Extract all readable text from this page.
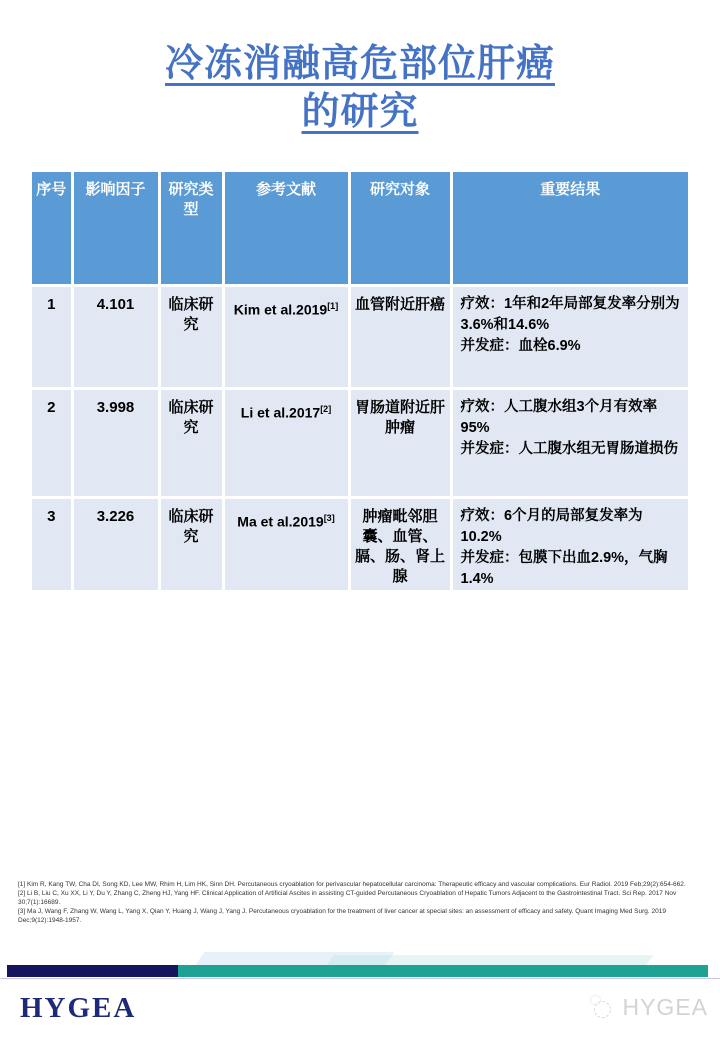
冷冻消融高危部位肝癌
的研究
序号	影响因子	研究类型	参考文献	研究对象	重要结果
1	4.101	临床研究	Kim et al.2019[1]	血管附近肝癌	疗效：1年和2年局部复发率分别为3.6%和14.6%
并发症：血栓6.9%

2	3.998	临床研究	Li et al.2017[2]	胃肠道附近肝肿瘤	疗效：人工腹水组3个月有效率95%
并发症：人工腹水组无胃肠道损伤

3	3.226	临床研究	Ma et al.2019[3]	肿瘤毗邻胆囊、血管、膈、肠、肾上腺	疗效：6个月的局部复发率为10.2%
并发症：包膜下出血2.9%，气胸1.4%
[1] Kim R, Kang TW, Cha DI, Song KD, Lee MW, Rhim H, Lim HK, Sinn DH. Percutaneous cryoablation for perivascular hepatocellular carcinoma: Therapeutic efficacy and vascular complications. Eur Radiol. 2019 Feb;29(2):654-662.
[2] Li B, Liu C, Xu XX, Li Y, Du Y, Zhang C, Zheng HJ, Yang HF. Clinical Application of Artificial Ascites in assisting CT-guided Percutaneous Cryoablation of Hepatic Tumors Adjacent to the Gastrointestinal Tract. Sci Rep. 2017 Nov 30;7(1):16689.
[3] Ma J, Wang F, Zhang W, Wang L, Yang X, Qian Y, Huang J, Wang J, Yang J. Percutaneous cryoablation for the treatment of liver cancer at special sites: an assessment of efficacy and safety. Quant Imaging Med Surg. 2019 Dec;9(12):1948-1957.
HYGEA	HYGEA
